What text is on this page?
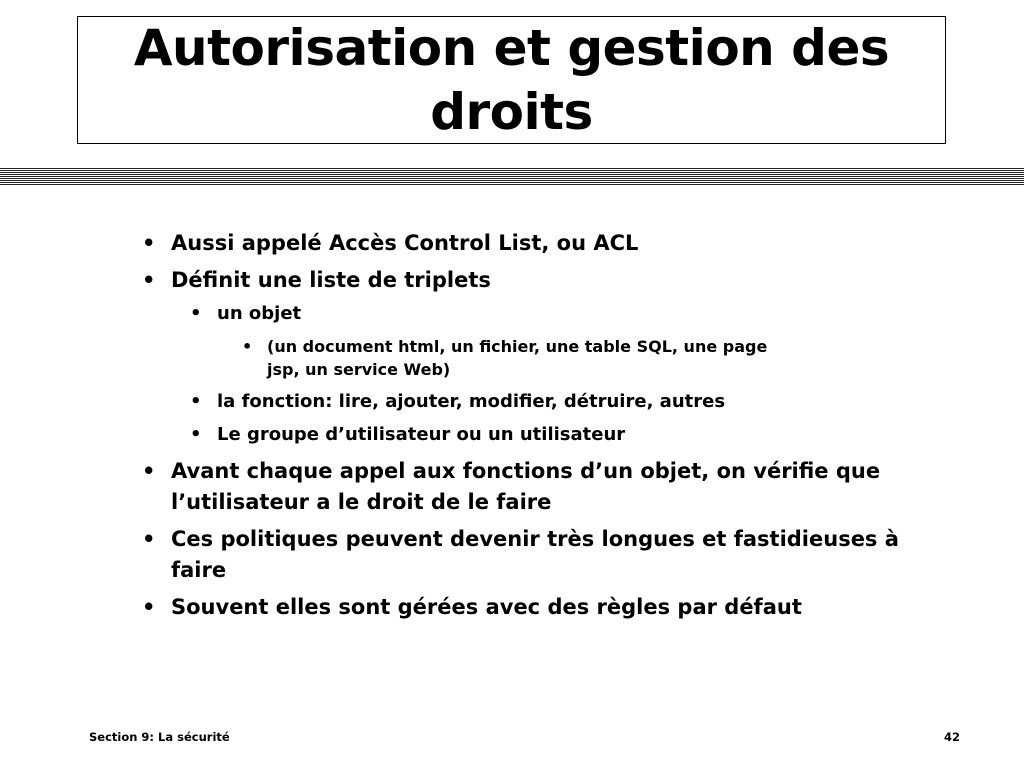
Autorisation et gestion des
droits

• Aussi appelé Accès Control List, ou ACL

• Définit une liste de triplets

• un objet

• (un document html, un fichier, une table SQL, une page jsp, un service Web)

• la fonction: lire, ajouter, modifier, détruire, autres

• Le groupe d’utilisateur ou un utilisateur

• Avant chaque appel aux fonctions d’un objet, on vérifie que l’utilisateur a le droit de le faire

• Ces politiques peuvent devenir très longues et fastidieuses à faire

• Souvent elles sont gérées avec des règles par défaut

Section 9: La sécurité	42
